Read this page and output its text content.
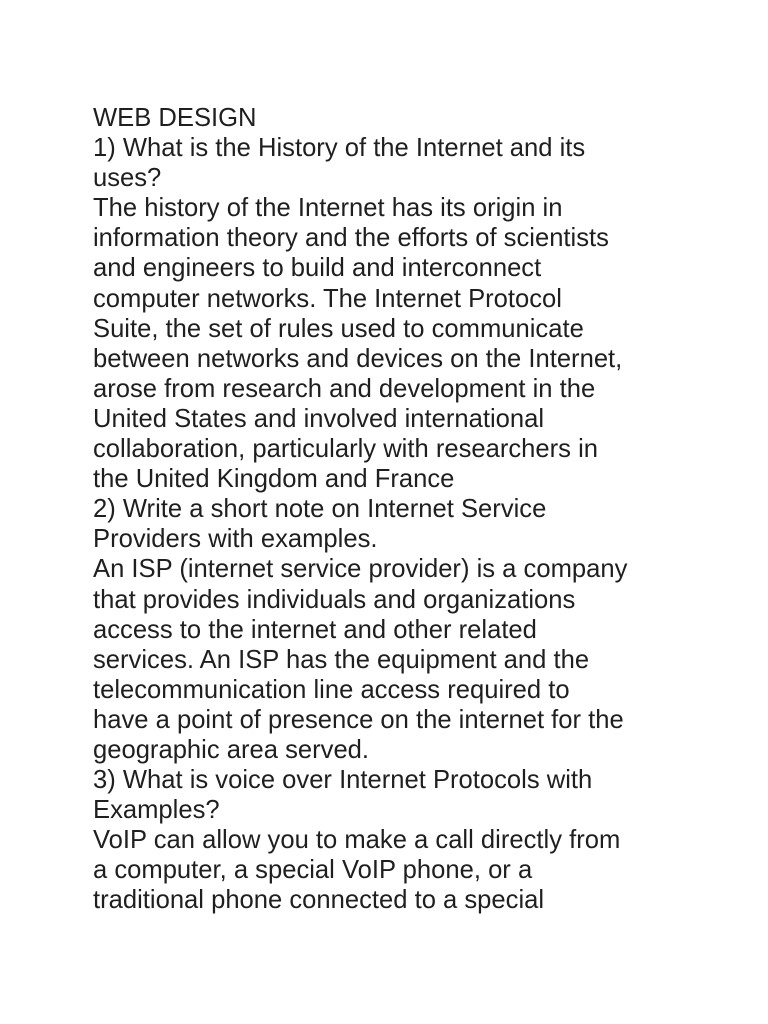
WEB DESIGN
1) What is the History of the Internet and its
uses?
The history of the Internet has its origin in
information theory and the efforts of scientists
and engineers to build and interconnect
computer networks. The Internet Protocol
Suite, the set of rules used to communicate
between networks and devices on the Internet,
arose from research and development in the
United States and involved international
collaboration, particularly with researchers in
the United Kingdom and France
2) Write a short note on Internet Service
Providers with examples.
An ISP (internet service provider) is a company
that provides individuals and organizations
access to the internet and other related
services. An ISP has the equipment and the
telecommunication line access required to
have a point of presence on the internet for the
geographic area served.
3) What is voice over Internet Protocols with
Examples?
VoIP can allow you to make a call directly from
a computer, a special VoIP phone, or a
traditional phone connected to a special
